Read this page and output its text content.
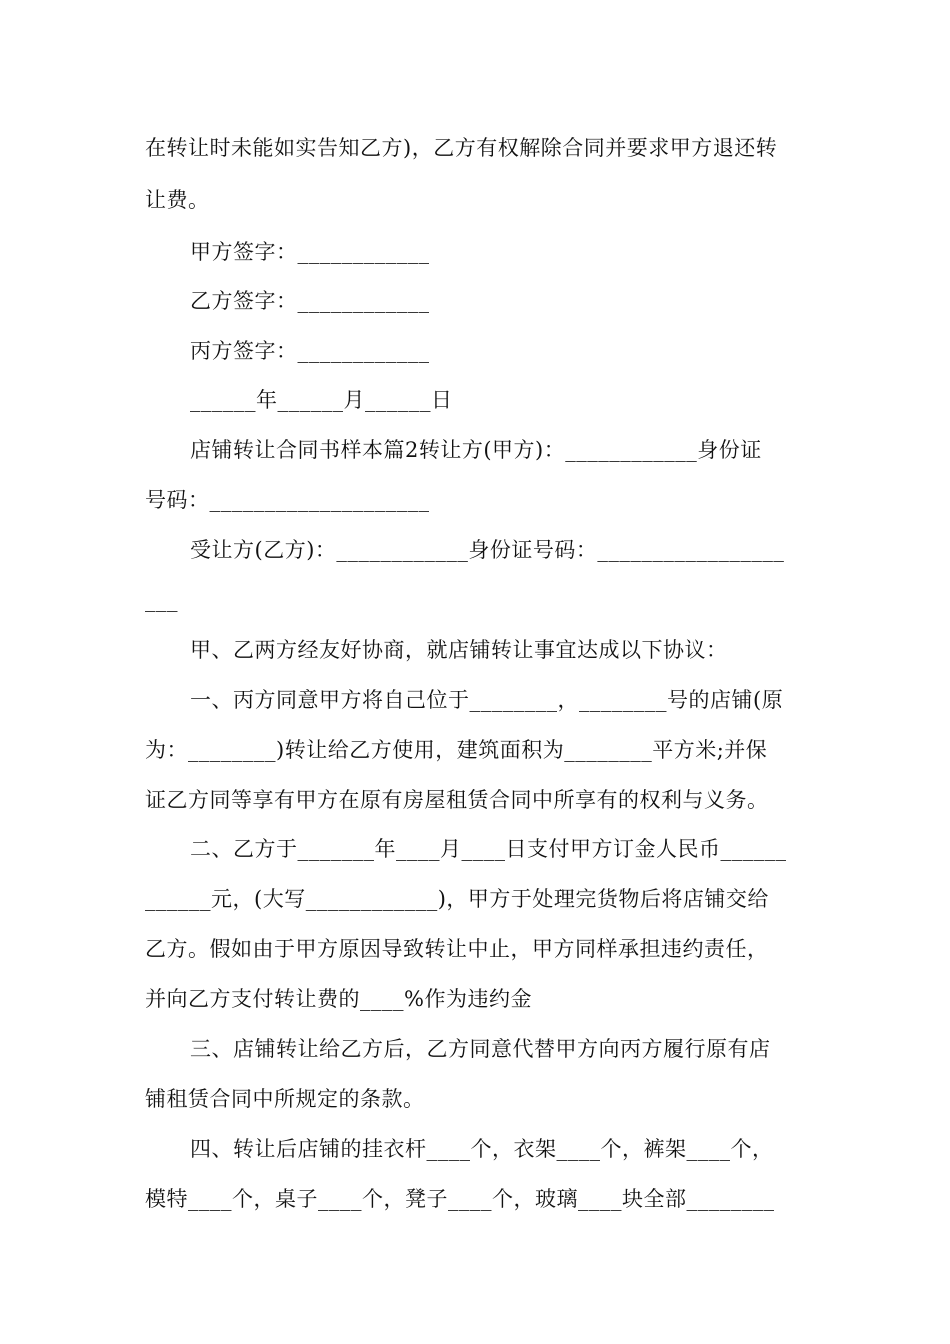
在转让时未能如实告知乙方)，乙方有权解除合同并要求甲方退还转
让费。
甲方签字：____________
乙方签字：____________
丙方签字：____________
______年______月______日
店铺转让合同书样本篇2转让方(甲方)：____________身份证
号码：____________________
受让方(乙方)：____________身份证号码：_________________
___
甲、乙两方经友好协商，就店铺转让事宜达成以下协议：
一、丙方同意甲方将自己位于________，________号的店铺(原
为：________)转让给乙方使用，建筑面积为________平方米;并保
证乙方同等享有甲方在原有房屋租赁合同中所享有的权利与义务。
二、乙方于_______年____月____日支付甲方订金人民币______
______元，(大写____________)，甲方于处理完货物后将店铺交给
乙方。假如由于甲方原因导致转让中止，甲方同样承担违约责任，
并向乙方支付转让费的____%作为违约金
三、店铺转让给乙方后，乙方同意代替甲方向丙方履行原有店
铺租赁合同中所规定的条款。
四、转让后店铺的挂衣杆____个，衣架____个，裤架____个，
模特____个，桌子____个，凳子____个，玻璃____块全部________
